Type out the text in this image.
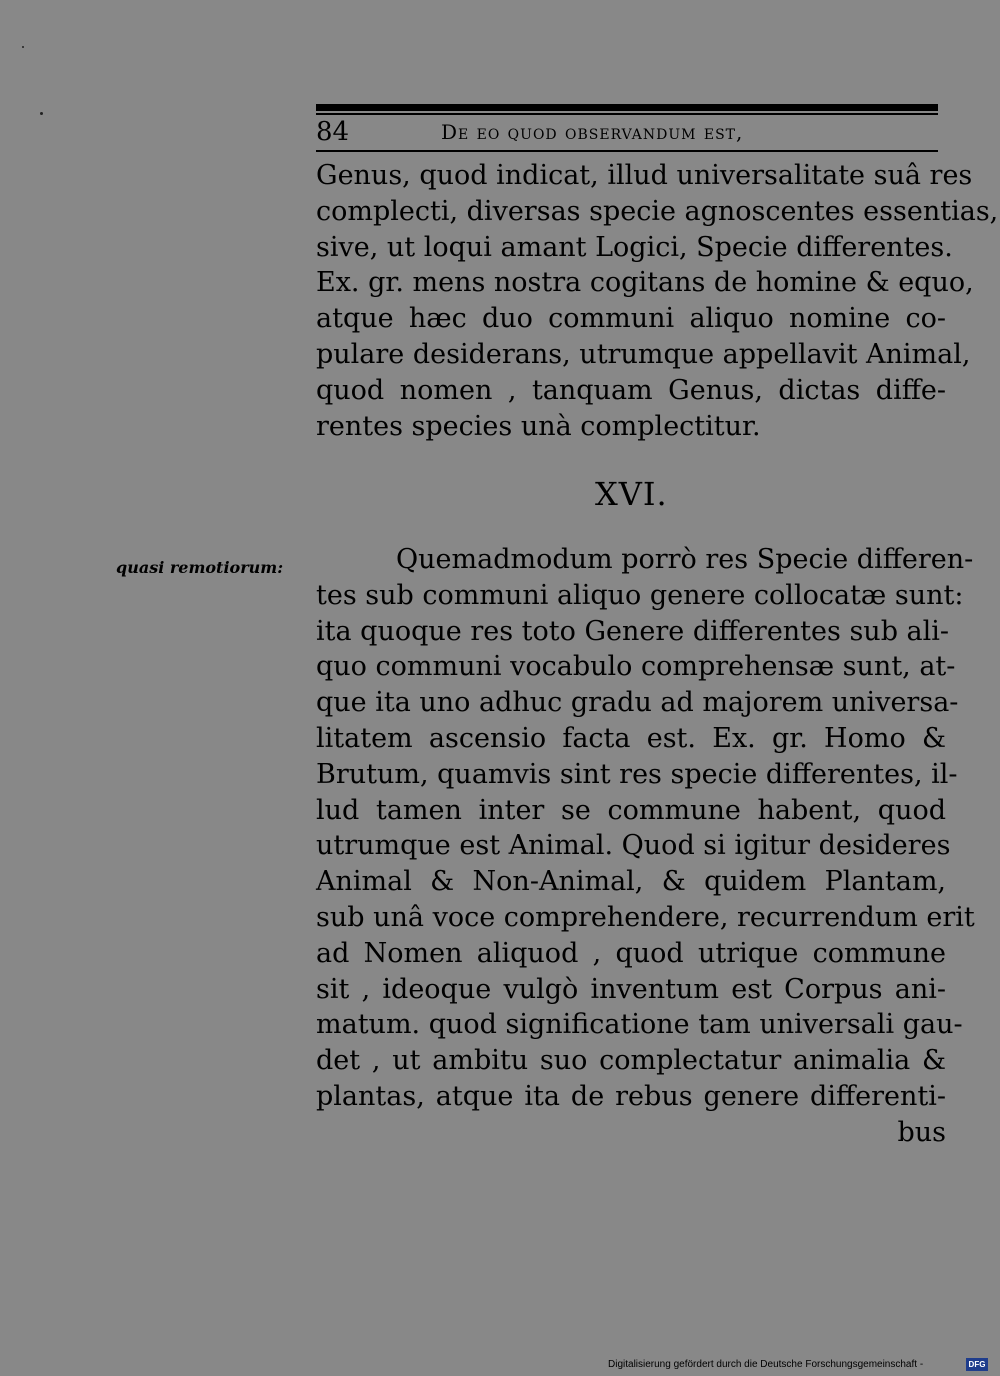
84	De eo quod observandum est,
Genus, quod indicat, illud universalitate suâ res
complecti, diversas specie agnoscentes essentias,
sive, ut loqui amant Logici, Specie differentes.
Ex. gr. mens nostra cogitans de homine & equo,
atque hæc duo communi aliquo nomine co-
pulare desiderans, utrumque appellavit Animal,
quod nomen , tanquam Genus, dictas diffe-
rentes species unà complectitur.
XVI.
quasi remotiorum:	Quemadmodum porrò res Specie differen-
tes sub communi aliquo genere collocatæ sunt:
ita quoque res toto Genere differentes sub ali-
quo communi vocabulo comprehensæ sunt, at-
que ita uno adhuc gradu ad majorem universa-
litatem ascensio facta est. Ex. gr. Homo &
Brutum, quamvis sint res specie differentes, il-
lud tamen inter se commune habent, quod
utrumque est Animal. Quod si igitur desideres
Animal & Non-Animal, & quidem Plantam,
sub unâ voce comprehendere, recurrendum erit
ad Nomen aliquod , quod utrique commune
sit , ideoque vulgò inventum est Corpus ani-
matum. quod significatione tam universali gau-
det , ut ambitu suo complectatur animalia &
plantas, atque ita de rebus genere differenti-
bus
Digitalisierung gefördert durch die Deutsche Forschungsgemeinschaft -	DFG
